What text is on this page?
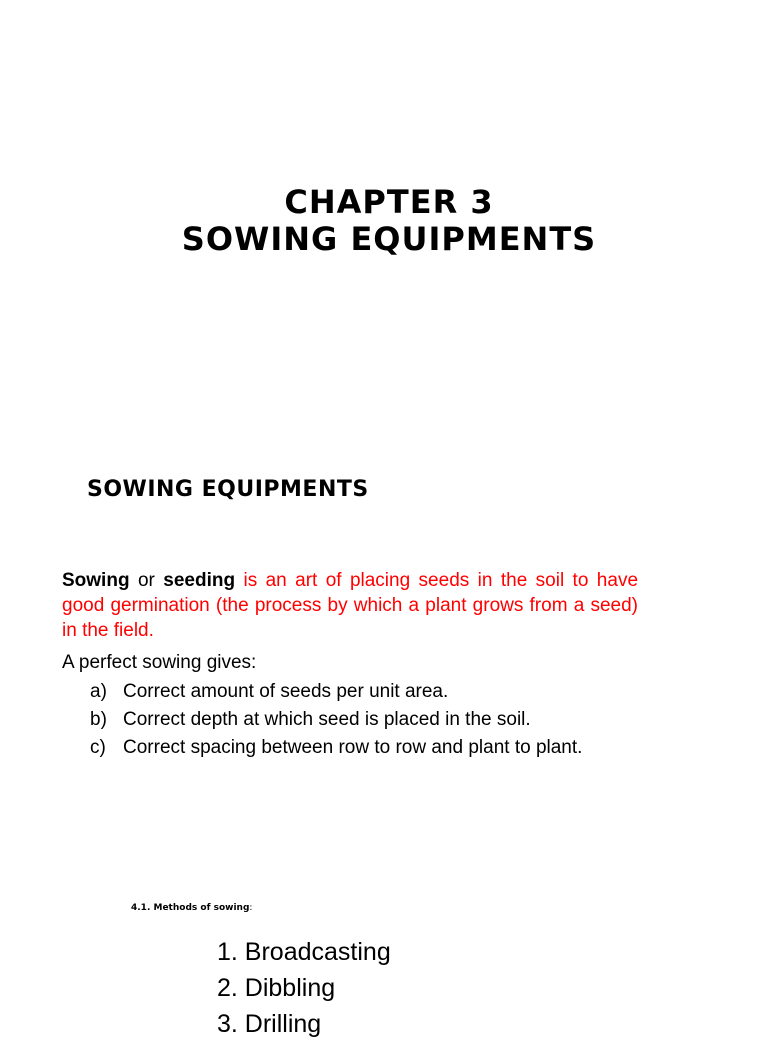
CHAPTER 3
SOWING EQUIPMENTS
SOWING EQUIPMENTS

Sowing or seeding is an art of placing seeds in the soil to have good germination (the process by which a plant grows from a seed) in the field.

A perfect sowing gives:
a) Correct amount of seeds per unit area.
b) Correct depth at which seed is placed in the soil.
c) Correct spacing between row to row and plant to plant.
4.1. Methods of sowing:
1. Broadcasting
2. Dibbling
3. Drilling
